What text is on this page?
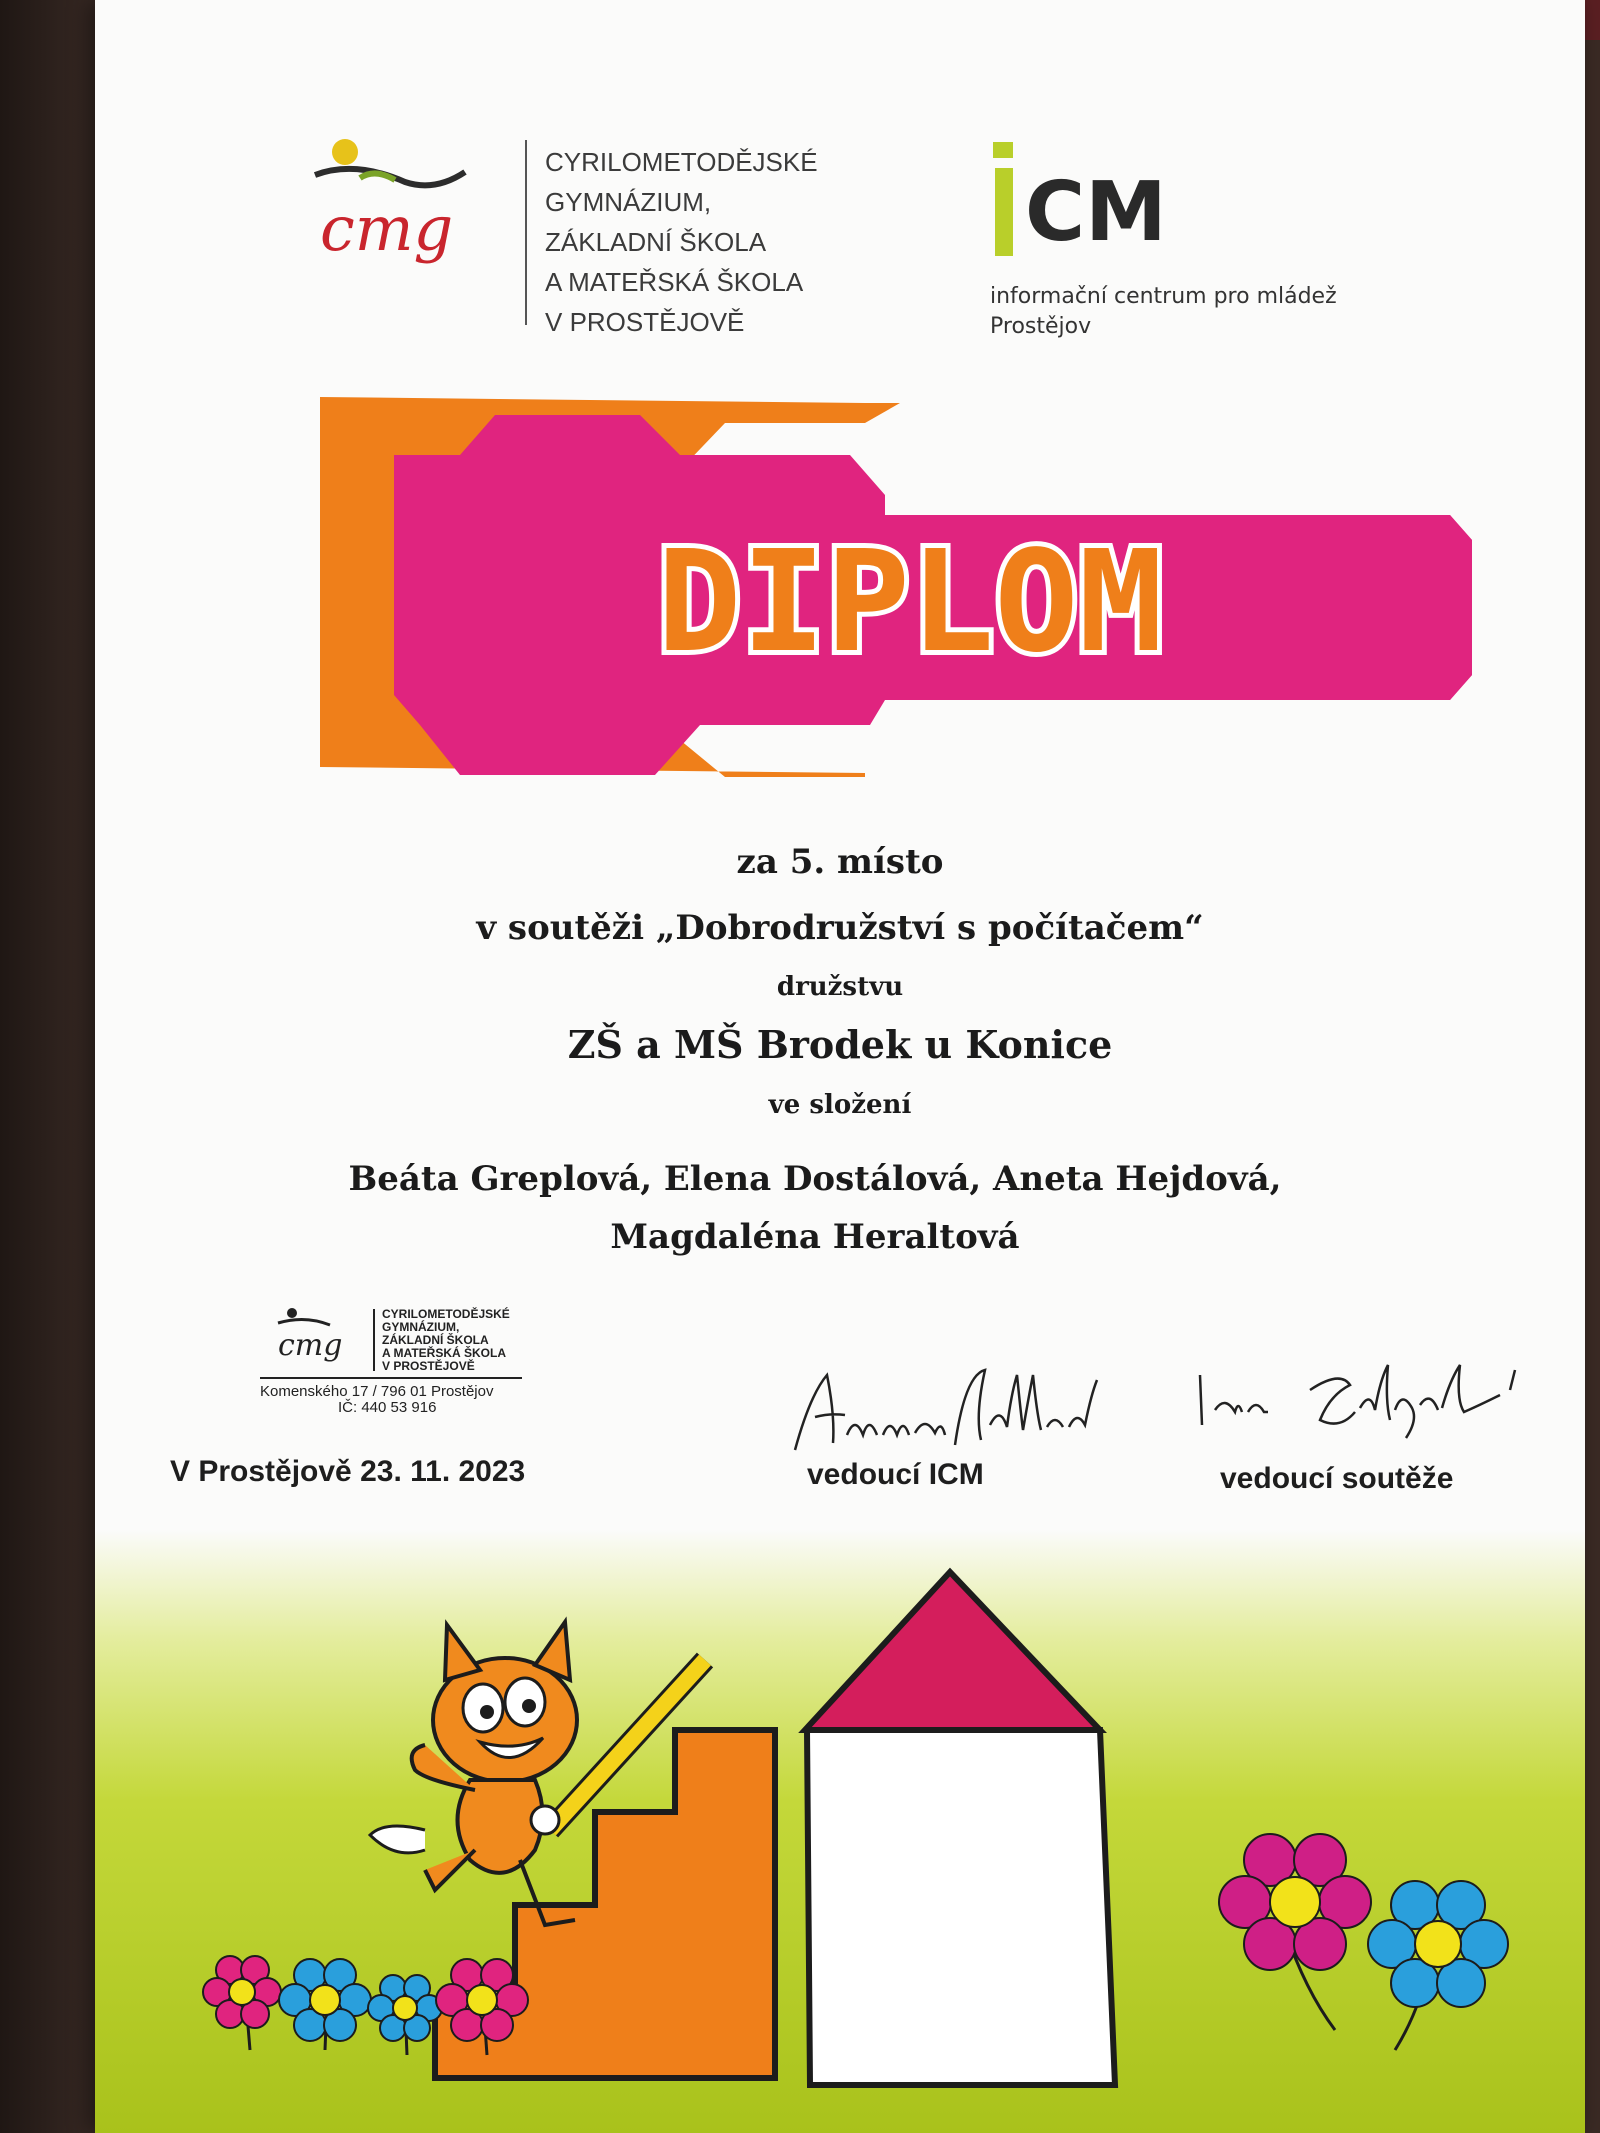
cmg
CYRILOMETODĚJSKÉ
GYMNÁZIUM,
ZÁKLADNÍ ŠKOLA
A MATEŘSKÁ ŠKOLA
V PROSTĚJOVĚ
CM
informační centrum pro mládež
Prostějov
DIPLOM
za 5. místo
v soutěži „Dobrodružství s počítačem“
družstvu
ZŠ a MŠ Brodek u Konice
ve složení
Beáta Greplová, Elena Dostálová, Aneta Hejdová, Magdaléna Heraltová
cmg
CYRILOMETODĚJSKÉ
GYMNÁZIUM,
ZÁKLADNÍ ŠKOLA
A MATEŘSKÁ ŠKOLA
V PROSTĚJOVĚ
Komenského 17 / 796 01 Prostějov
IČ: 440 53 916
V Prostějově 23. 11. 2023	vedoucí ICM	vedoucí soutěže
